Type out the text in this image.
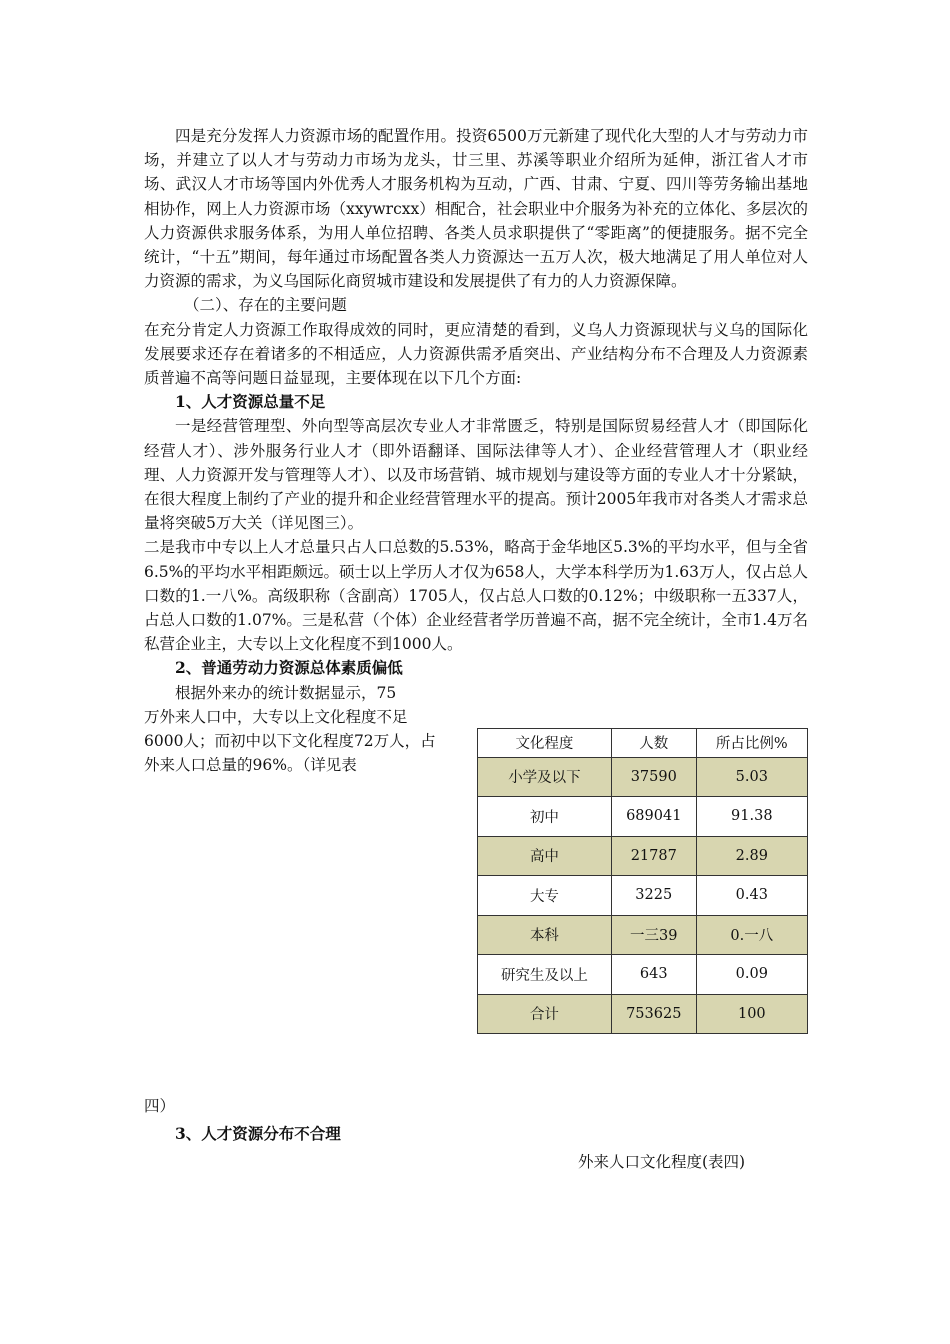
四是充分发挥人力资源市场的配置作用。投资6500万元新建了现代化大型的人才与劳动力市场，并建立了以人才与劳动力市场为龙头，廿三里、苏溪等职业介绍所为延伸，浙江省人才市场、武汉人才市场等国内外优秀人才服务机构为互动，广西、甘肃、宁夏、四川等劳务输出基地相协作，网上人力资源市场（xxywrcxx）相配合，社会职业中介服务为补充的立体化、多层次的人力资源供求服务体系，为用人单位招聘、各类人员求职提供了“零距离”的便捷服务。据不完全统计，“十五”期间，每年通过市场配置各类人力资源达一五万人次，极大地满足了用人单位对人力资源的需求，为义乌国际化商贸城市建设和发展提供了有力的人力资源保障。

（二）、存在的主要问题

在充分肯定人力资源工作取得成效的同时，更应清楚的看到，义乌人力资源现状与义乌的国际化发展要求还存在着诸多的不相适应，人力资源供需矛盾突出、产业结构分布不合理及人力资源素质普遍不高等问题日益显现，主要体现在以下几个方面:

1、人才资源总量不足

一是经营管理型、外向型等高层次专业人才非常匮乏，特别是国际贸易经营人才（即国际化经营人才）、涉外服务行业人才（即外语翻译、国际法律等人才）、企业经营管理人才（职业经理、人力资源开发与管理等人才）、以及市场营销、城市规划与建设等方面的专业人才十分紧缺，在很大程度上制约了产业的提升和企业经营管理水平的提高。预计2005年我市对各类人才需求总量将突破5万大关（详见图三）。

二是我市中专以上人才总量只占人口总数的5.53%，略高于金华地区5.3%的平均水平，但与全省6.5%的平均水平相距颇远。硕士以上学历人才仅为658人，大学本科学历为1.63万人，仅占总人口数的1.一八%。高级职称（含副高）1705人，仅占总人口数的0.12%；中级职称一五337人，占总人口数的1.07%。三是私营（个体）企业经营者学历普遍不高，据不完全统计，全市1.4万名私营企业主，大专以上文化程度不到1000人。

2、普通劳动力资源总体素质偏低

根据外来办的统计数据显示，75

万外来人口中，大专以上文化程度不足6000人；而初中以下文化程度72万人，占外来人口总量的96%。（详见表

文化程度	人数	所占比例%
小学及以下	37590	5.03
初中	689041	91.38
高中	21787	2.89
大专	3225	0.43
本科	一三39	0.一八
研究生及以上	643	0.09
合计	753625	100

四）

3、人才资源分布不合理

外来人口文化程度(表四)
